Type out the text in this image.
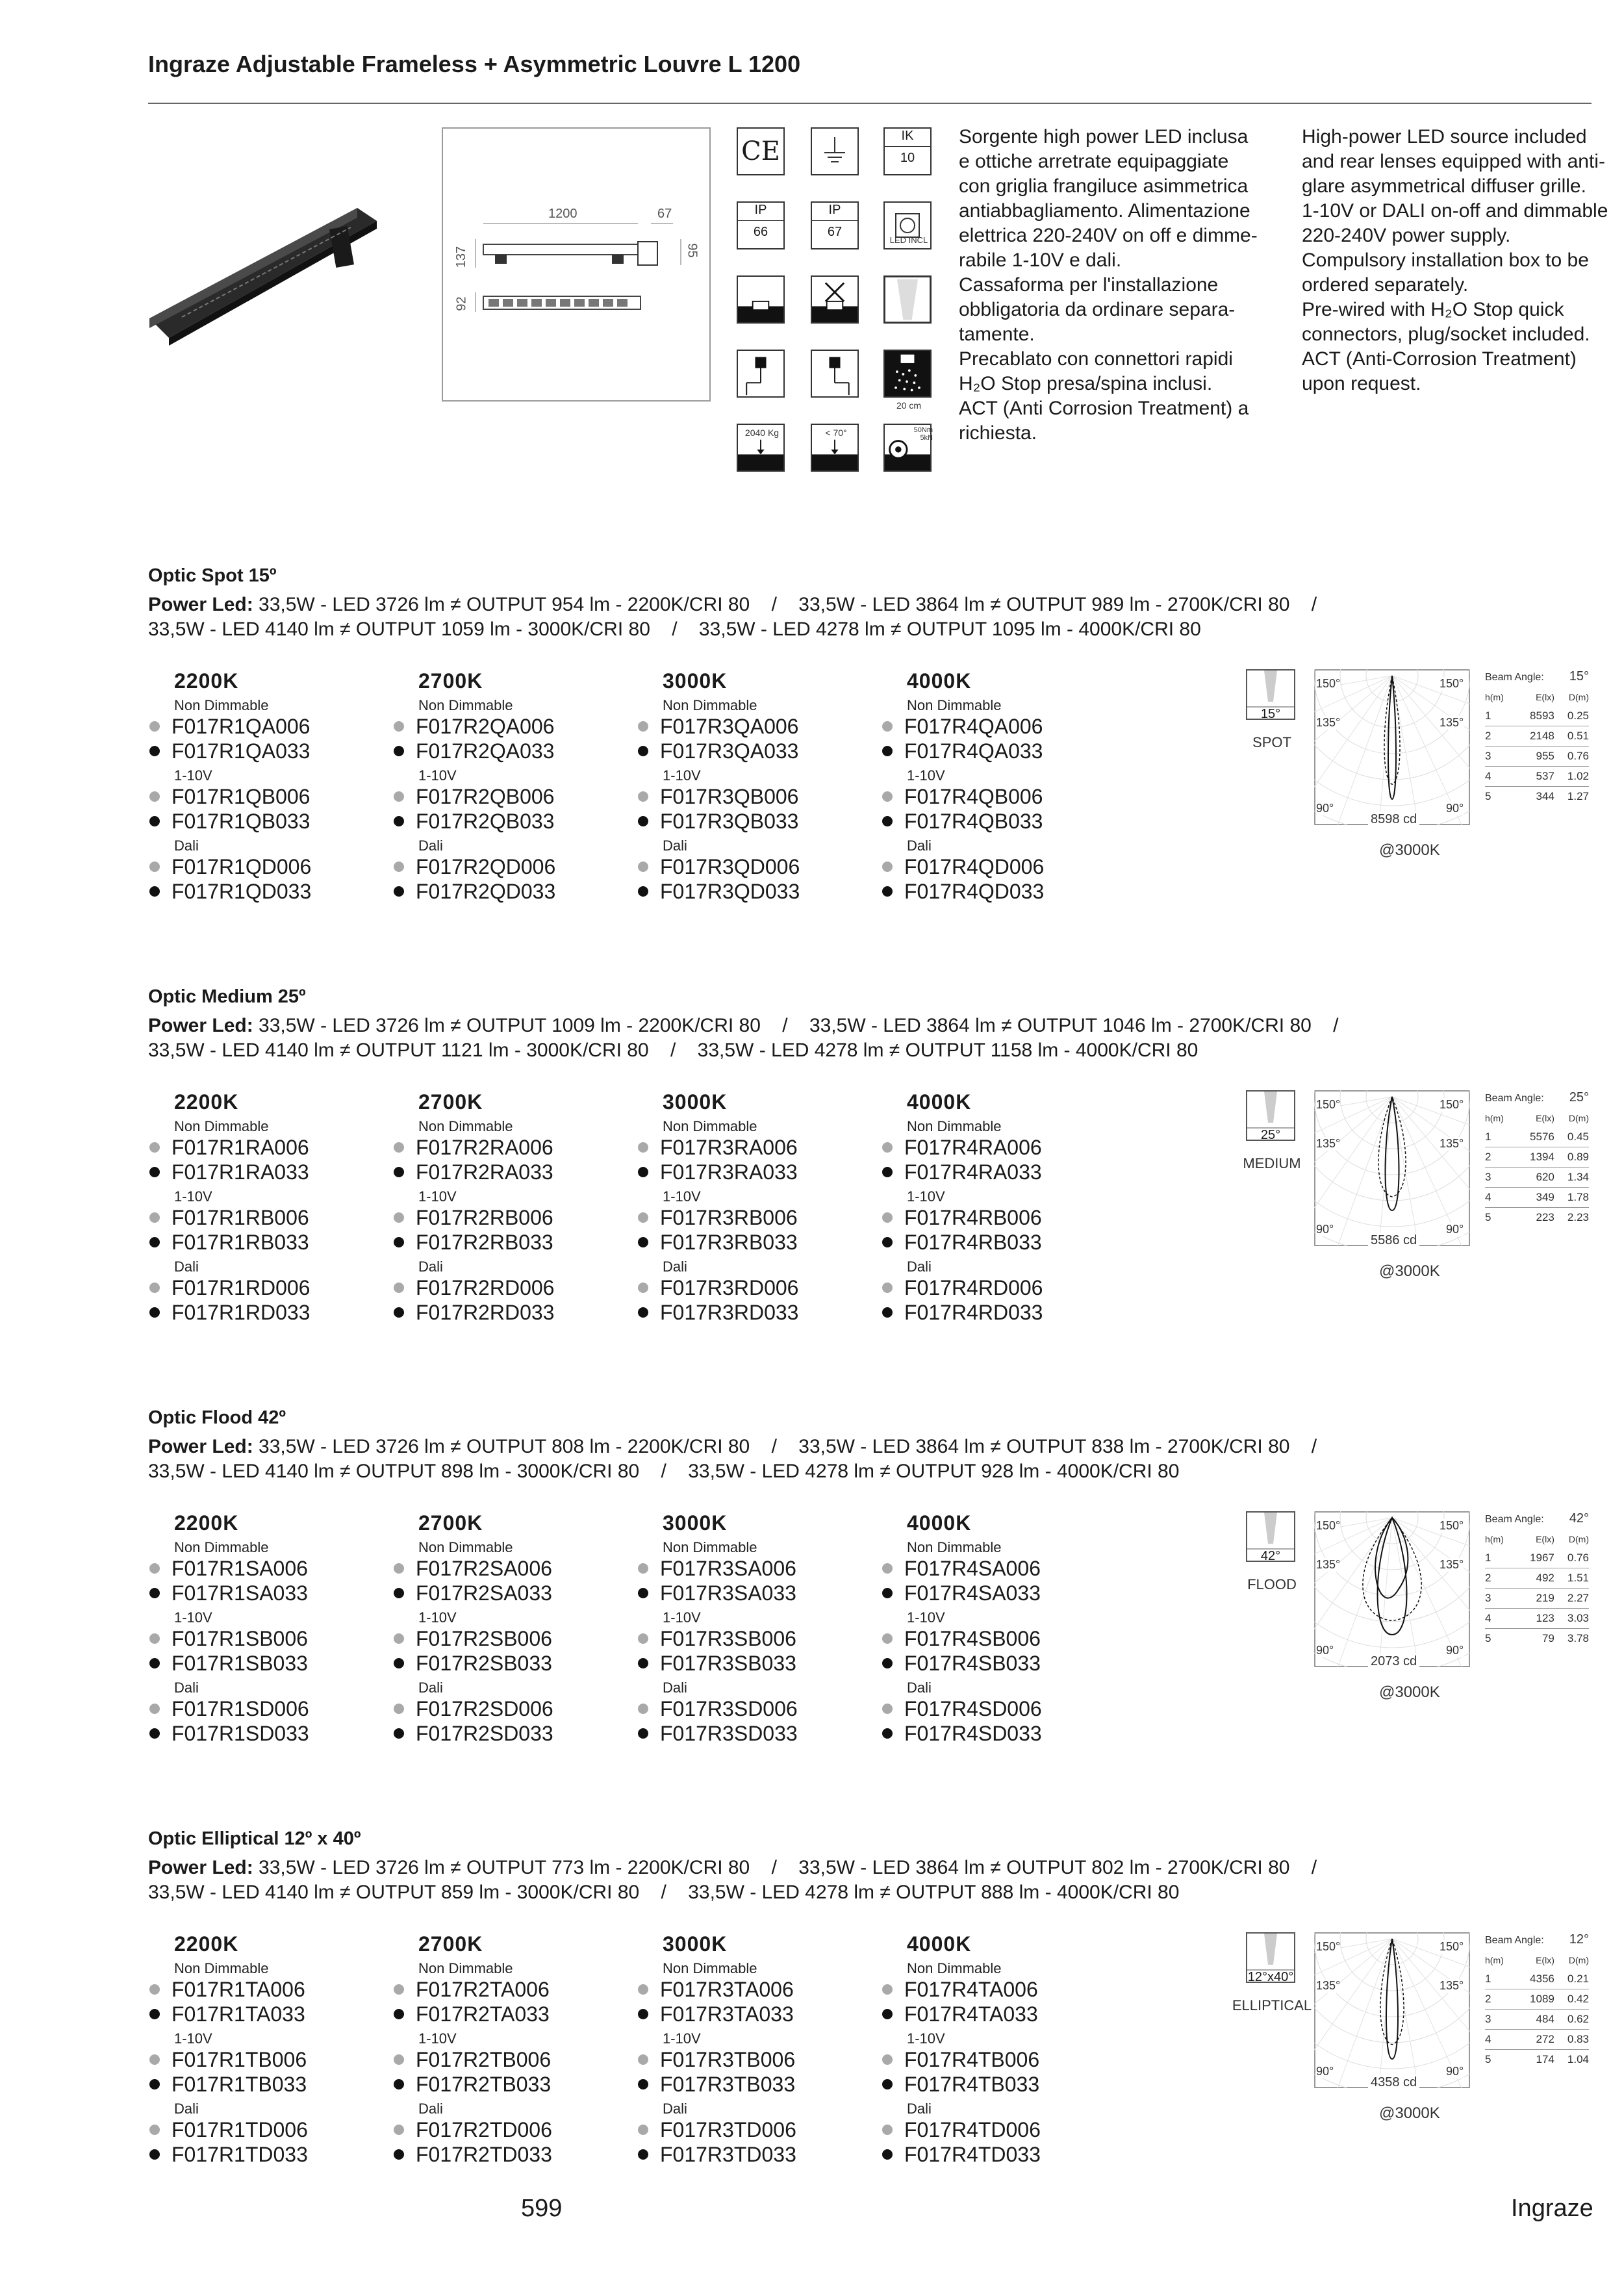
Ingraze Adjustable Frameless + Asymmetric Louvre L 1200
1200	67
137
92
95
CE
IK
10
IP
66
IP
67
LED INCL
20 cm
2040 Kg	< 70°	50Nm
5kN
Sorgente high power LED inclusa
e ottiche arretrate equipaggiate
con griglia frangiluce asimmetrica
antiabbagliamento. Alimentazione
elettrica 220-240V on off e dimme-
rabile 1-10V e dali.
Cassaforma per l'installazione
obbligatoria da ordinare separa-
tamente.
Precablato con connettori rapidi
H₂O Stop presa/spina inclusi.
ACT (Anti Corrosion Treatment) a
richiesta.
High-power LED source included
and rear lenses equipped with anti-
glare asymmetrical diffuser grille.
1-10V or DALI on-off and dimmable
220-240V power supply.
Compulsory installation box to be
ordered separately.
Pre-wired with H₂O Stop quick
connectors, plug/socket included.
ACT (Anti-Corrosion Treatment)
upon request.
Optic Spot 15º
Power Led: 33,5W - LED 3726 lm ≠ OUTPUT 954 lm - 2200K/CRI 80    /    33,5W - LED 3864 lm ≠ OUTPUT 989 lm - 2700K/CRI 80    /
33,5W - LED 4140 lm ≠ OUTPUT 1059 lm - 3000K/CRI 80    /    33,5W - LED 4278 lm ≠ OUTPUT 1095 lm - 4000K/CRI 80
2200K
Non Dimmable
F017R1QA006
F017R1QA033
1-10V
F017R1QB006
F017R1QB033
Dali
F017R1QD006
F017R1QD033
2700K
Non Dimmable
F017R2QA006
F017R2QA033
1-10V
F017R2QB006
F017R2QB033
Dali
F017R2QD006
F017R2QD033
3000K
Non Dimmable
F017R3QA006
F017R3QA033
1-10V
F017R3QB006
F017R3QB033
Dali
F017R3QD006
F017R3QD033
4000K
Non Dimmable
F017R4QA006
F017R4QA033
1-10V
F017R4QB006
F017R4QB033
Dali
F017R4QD006
F017R4QD033
15°
SPOT
150°	150°
135°	135°
90°	90°
8598 cd
@3000K
Beam Angle: 15°
h(m)	E(lx)	D(m)
1	8593	0.25
2	2148	0.51
3	955	0.76
4	537	1.02
5	344	1.27
Optic Medium 25º
Power Led: 33,5W - LED 3726 lm ≠ OUTPUT 1009 lm - 2200K/CRI 80    /    33,5W - LED 3864 lm ≠ OUTPUT 1046 lm - 2700K/CRI 80    /
33,5W - LED 4140 lm ≠ OUTPUT 1121 lm - 3000K/CRI 80    /    33,5W - LED 4278 lm ≠ OUTPUT 1158 lm - 4000K/CRI 80
2200K
Non Dimmable
F017R1RA006
F017R1RA033
1-10V
F017R1RB006
F017R1RB033
Dali
F017R1RD006
F017R1RD033
2700K
Non Dimmable
F017R2RA006
F017R2RA033
1-10V
F017R2RB006
F017R2RB033
Dali
F017R2RD006
F017R2RD033
3000K
Non Dimmable
F017R3RA006
F017R3RA033
1-10V
F017R3RB006
F017R3RB033
Dali
F017R3RD006
F017R3RD033
4000K
Non Dimmable
F017R4RA006
F017R4RA033
1-10V
F017R4RB006
F017R4RB033
Dali
F017R4RD006
F017R4RD033
25°
MEDIUM
150°	150°
135°	135°
90°	90°
5586 cd
@3000K
Beam Angle: 25°
h(m)	E(lx)	D(m)
1	5576	0.45
2	1394	0.89
3	620	1.34
4	349	1.78
5	223	2.23
Optic Flood 42º
Power Led: 33,5W - LED 3726 lm ≠ OUTPUT 808 lm - 2200K/CRI 80    /    33,5W - LED 3864 lm ≠ OUTPUT 838 lm - 2700K/CRI 80    /
33,5W - LED 4140 lm ≠ OUTPUT 898 lm - 3000K/CRI 80    /    33,5W - LED 4278 lm ≠ OUTPUT 928 lm - 4000K/CRI 80
2200K
Non Dimmable
F017R1SA006
F017R1SA033
1-10V
F017R1SB006
F017R1SB033
Dali
F017R1SD006
F017R1SD033
2700K
Non Dimmable
F017R2SA006
F017R2SA033
1-10V
F017R2SB006
F017R2SB033
Dali
F017R2SD006
F017R2SD033
3000K
Non Dimmable
F017R3SA006
F017R3SA033
1-10V
F017R3SB006
F017R3SB033
Dali
F017R3SD006
F017R3SD033
4000K
Non Dimmable
F017R4SA006
F017R4SA033
1-10V
F017R4SB006
F017R4SB033
Dali
F017R4SD006
F017R4SD033
42°
FLOOD
150°	150°
135°	135°
90°	90°
2073 cd
@3000K
Beam Angle: 42°
h(m)	E(lx)	D(m)
1	1967	0.76
2	492	1.51
3	219	2.27
4	123	3.03
5	79	3.78
Optic Elliptical 12º x 40º
Power Led: 33,5W - LED 3726 lm ≠ OUTPUT 773 lm - 2200K/CRI 80    /    33,5W - LED 3864 lm ≠ OUTPUT 802 lm - 2700K/CRI 80    /
33,5W - LED 4140 lm ≠ OUTPUT 859 lm - 3000K/CRI 80    /    33,5W - LED 4278 lm ≠ OUTPUT 888 lm - 4000K/CRI 80
2200K
Non Dimmable
F017R1TA006
F017R1TA033
1-10V
F017R1TB006
F017R1TB033
Dali
F017R1TD006
F017R1TD033
2700K
Non Dimmable
F017R2TA006
F017R2TA033
1-10V
F017R2TB006
F017R2TB033
Dali
F017R2TD006
F017R2TD033
3000K
Non Dimmable
F017R3TA006
F017R3TA033
1-10V
F017R3TB006
F017R3TB033
Dali
F017R3TD006
F017R3TD033
4000K
Non Dimmable
F017R4TA006
F017R4TA033
1-10V
F017R4TB006
F017R4TB033
Dali
F017R4TD006
F017R4TD033
12°x40°
ELLIPTICAL
150°	150°
135°	135°
90°	90°
4358 cd
@3000K
Beam Angle: 12°
h(m)	E(lx)	D(m)
1	4356	0.21
2	1089	0.42
3	484	0.62
4	272	0.83
5	174	1.04
599	Ingraze
